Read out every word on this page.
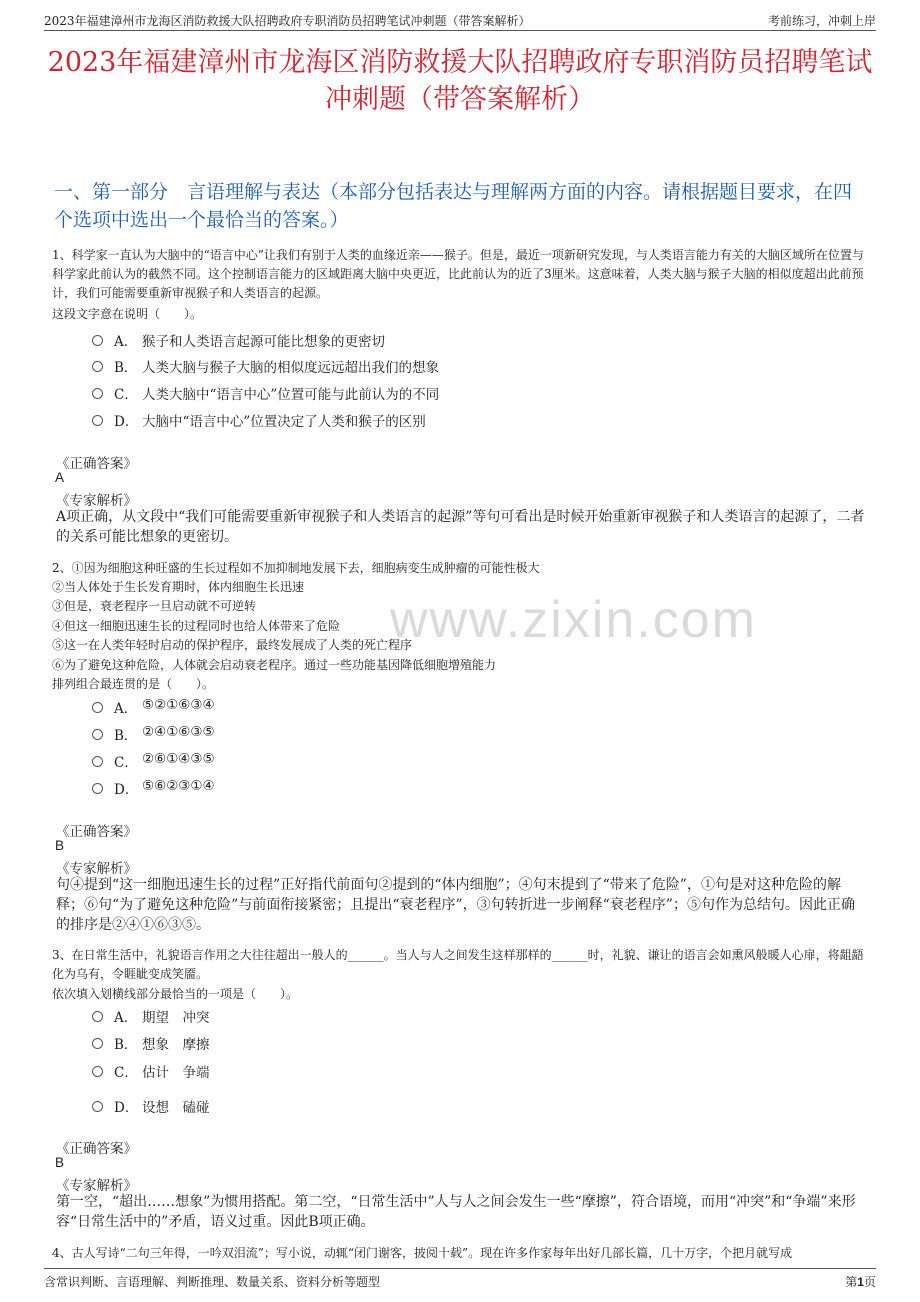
2023年福建漳州市龙海区消防救援大队招聘政府专职消防员招聘笔试冲刺题（带答案解析）	考前练习，冲刺上岸
2023年福建漳州市龙海区消防救援大队招聘政府专职消防员招聘笔试冲刺题（带答案解析）
一、第一部分　言语理解与表达（本部分包括表达与理解两方面的内容。请根据题目要求，在四个选项中选出一个最恰当的答案。）
1、科学家一直认为大脑中的“语言中心”让我们有别于人类的血缘近亲——猴子。但是，最近一项新研究发现，与人类语言能力有关的大脑区域所在位置与科学家此前认为的截然不同。这个控制语言能力的区域距离大脑中央更近，比此前认为的近了3厘米。这意味着，人类大脑与猴子大脑的相似度超出此前预计，我们可能需要重新审视猴子和人类语言的起源。
这段文字意在说明（　　）。
A． 猴子和人类语言起源可能比想象的更密切
B． 人类大脑与猴子大脑的相似度远远超出我们的想象
C． 人类大脑中“语言中心”位置可能与此前认为的不同
D． 大脑中“语言中心”位置决定了人类和猴子的区别
《正确答案》
A
《专家解析》
A项正确，从文段中“我们可能需要重新审视猴子和人类语言的起源”等句可看出是时候开始重新审视猴子和人类语言的起源了，二者的关系可能比想象的更密切。
2、①因为细胞这种旺盛的生长过程如不加抑制地发展下去，细胞病变生成肿瘤的可能性极大
②当人体处于生长发育期时，体内细胞生长迅速
③但是，衰老程序一旦启动就不可逆转
④但这一细胞迅速生长的过程同时也给人体带来了危险
⑤这一在人类年轻时启动的保护程序，最终发展成了人类的死亡程序
⑥为了避免这种危险，人体就会启动衰老程序。通过一些功能基因降低细胞增殖能力
排列组合最连贯的是（　　）。
A． ⑤②①⑥③④
B． ②④①⑥③⑤
C． ②⑥①④③⑤
D． ⑤⑥②③①④
《正确答案》
B
《专家解析》
句④提到“这一细胞迅速生长的过程”正好指代前面句②提到的“体内细胞”；④句末提到了“带来了危险”，①句是对这种危险的解释；⑥句“为了避免这种危险”与前面衔接紧密；且提出“衰老程序”，③句转折进一步阐释“衰老程序”；⑤句作为总结句。因此正确的排序是②④①⑥③⑤。
3、在日常生活中，礼貌语言作用之大往往超出一般人的______。当人与人之间发生这样那样的______时，礼貌、谦让的语言会如熏风般暖人心扉，将龃龉化为乌有，令睚眦变成笑靥。
依次填入划横线部分最恰当的一项是（　　）。
A． 期望　冲突
B． 想象　摩擦
C． 估计　争端
D． 设想　磕碰
《正确答案》
B
《专家解析》
第一空，“超出……想象”为惯用搭配。第二空，“日常生活中”人与人之间会发生一些“摩擦”，符合语境，而用“冲突”和“争端”来形容“日常生活中的”矛盾，语义过重。因此B项正确。
4、古人写诗“二句三年得，一吟双泪流”；写小说，动辄“闭门谢客，披阅十载”。现在许多作家每年出好几部长篇，几十万字，个把月就写成
www.zixin.com
含常识判断、言语理解、判断推理、数量关系、资料分析等题型	第1页
